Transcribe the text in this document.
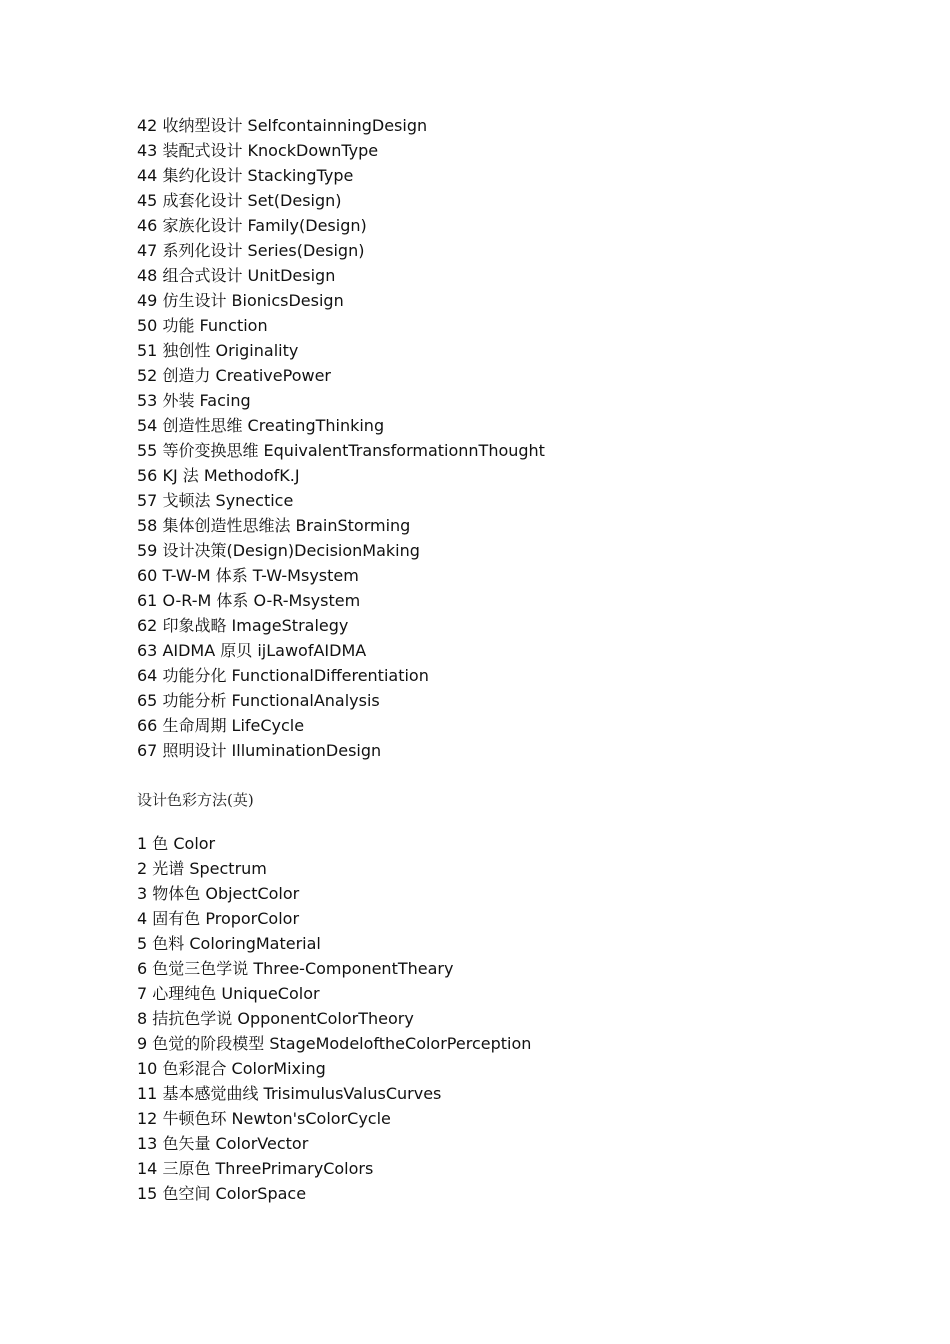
42 收纳型设计 SelfcontainningDesign
43 装配式设计 KnockDownType
44 集约化设计 StackingType
45 成套化设计 Set(Design)
46 家族化设计 Family(Design)
47 系列化设计 Series(Design)
48 组合式设计 UnitDesign
49 仿生设计 BionicsDesign
50 功能 Function
51 独创性 Originality
52 创造力 CreativePower
53 外装 Facing
54 创造性思维 CreatingThinking
55 等价变换思维 EquivalentTransformationnThought
56 KJ 法 MethodofK.J
57 戈顿法 Synectice
58 集体创造性思维法 BrainStorming
59 设计决策(Design)DecisionMaking
60 T-W-M 体系 T-W-Msystem
61 O-R-M 体系 O-R-Msystem
62 印象战略 ImageStralegy
63 AIDMA 原贝 ijLawofAIDMA
64 功能分化 FunctionalDifferentiation
65 功能分析 FunctionalAnalysis
66 生命周期 LifeCycle
67 照明设计 IlluminationDesign
设计色彩方法(英)
1 色 Color
2 光谱 Spectrum
3 物体色 ObjectColor
4 固有色 ProporColor
5 色料 ColoringMaterial
6 色觉三色学说 Three-ComponentTheary
7 心理纯色 UniqueColor
8 拮抗色学说 OpponentColorTheory
9 色觉的阶段模型 StageModeloftheColorPerception
10 色彩混合 ColorMixing
11 基本感觉曲线 TrisimulusValusCurves
12 牛顿色环 Newton'sColorCycle
13 色矢量 ColorVector
14 三原色 ThreePrimaryColors
15 色空间 ColorSpace
